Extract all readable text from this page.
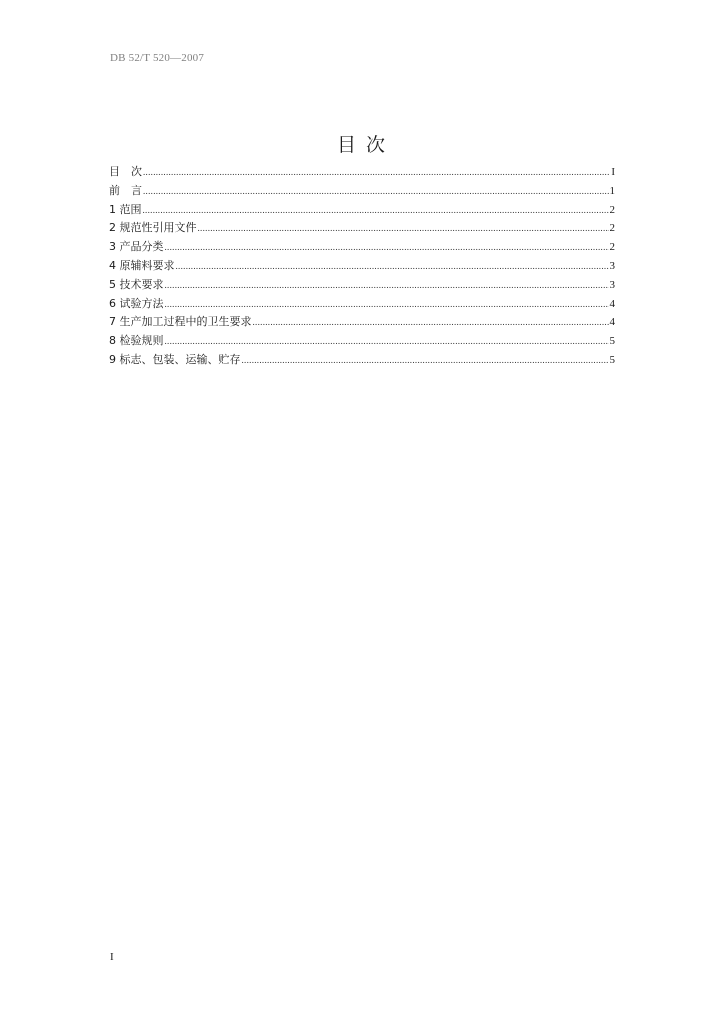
DB 52/T 520—2007
目 次
目　次 .....	I
前　言 .....	1
1 范围 .....	2
2 规范性引用文件 .....	2
3 产品分类 .....	2
4 原辅料要求 .....	3
5 技术要求 .....	3
6 试验方法 .....	4
7 生产加工过程中的卫生要求 .....	4
8 检验规则 .....	5
9 标志、包装、运输、贮存 .....	5
I
